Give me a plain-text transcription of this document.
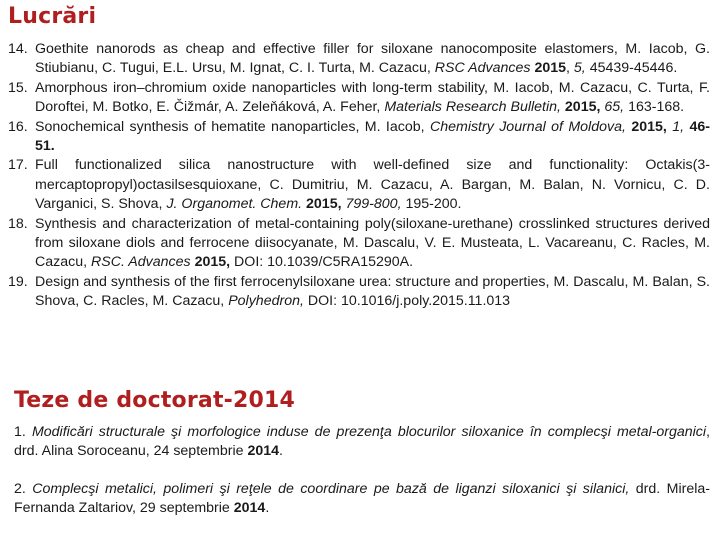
Lucrări
14. Goethite nanorods as cheap and effective filler for siloxane nanocomposite elastomers, M. Iacob, G. Stiubianu, C. Tugui, E.L. Ursu, M. Ignat, C. I. Turta, M. Cazacu, RSC Advances 2015, 5, 45439-45446.
15. Amorphous iron–chromium oxide nanoparticles with long-term stability, M. Iacob, M. Cazacu, C. Turta, F. Doroftei, M. Botko, E. Čižmár, A. Zeleňáková, A. Feher, Materials Research Bulletin, 2015, 65, 163-168.
16. Sonochemical synthesis of hematite nanoparticles, M. Iacob, Chemistry Journal of Moldova, 2015, 1, 46-51.
17. Full functionalized silica nanostructure with well-defined size and functionality: Octakis(3-mercaptopropyl)octasilsesquioxane, C. Dumitriu, M. Cazacu, A. Bargan, M. Balan, N. Vornicu, C. D. Varganici, S. Shova, J. Organomet. Chem. 2015, 799-800, 195-200.
18. Synthesis and characterization of metal-containing poly(siloxane-urethane) crosslinked structures derived from siloxane diols and ferrocene diisocyanate, M. Dascalu, V. E. Musteata, L. Vacareanu, C. Racles, M. Cazacu, RSC. Advances 2015, DOI: 10.1039/C5RA15290A.
19. Design and synthesis of the first ferrocenylsiloxane urea: structure and properties, M. Dascalu, M. Balan, S. Shova, C. Racles, M. Cazacu, Polyhedron, DOI: 10.1016/j.poly.2015.11.013
Teze de doctorat-2014
1. Modificări structurale şi morfologice induse de prezenţa blocurilor siloxanice în complecşi metal-organici, drd. Alina Soroceanu, 24 septembrie 2014.
2. Complecşi metalici, polimeri şi reţele de coordinare pe bază de liganzi siloxanici şi silanici, drd. Mirela-Fernanda Zaltariov, 29 septembrie 2014.
